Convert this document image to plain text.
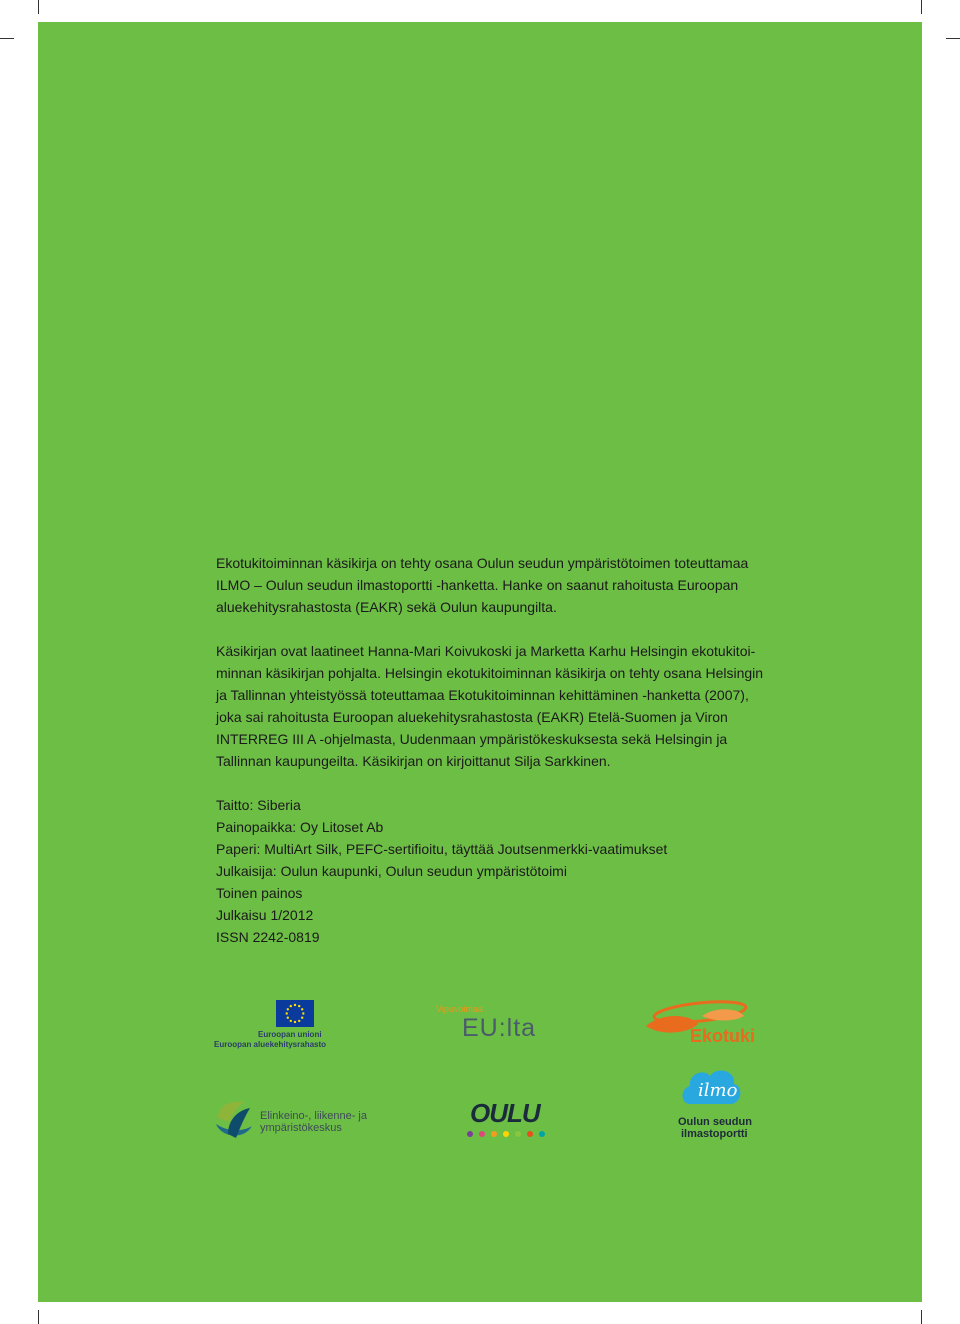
Ekotukitoiminnan käsikirja on tehty osana Oulun seudun ympäristötoimen toteuttamaa
ILMO – Oulun seudun ilmastoportti -hanketta. Hanke on saanut rahoitusta Euroopan
aluekehitysrahastosta (EAKR) sekä Oulun kaupungilta.

Käsikirjan ovat laatineet Hanna-Mari Koivukoski ja Marketta Karhu Helsingin ekotukitoi-
minnan käsikirjan pohjalta. Helsingin ekotukitoiminnan käsikirja on tehty osana Helsingin
ja Tallinnan yhteistyössä toteuttamaa Ekotukitoiminnan kehittäminen -hanketta (2007),
joka sai rahoitusta Euroopan aluekehitysrahastosta (EAKR) Etelä-Suomen ja Viron
INTERREG III A -ohjelmasta, Uudenmaan ympäristökeskuksesta sekä Helsingin ja
Tallinnan kaupungeilta. Käsikirjan on kirjoittanut Silja Sarkkinen.

Taitto: Siberia
Painopaikka: Oy Litoset Ab
Paperi: MultiArt Silk, PEFC-sertifioitu, täyttää Joutsenmerkki-vaatimukset
Julkaisija: Oulun kaupunki, Oulun seudun ympäristötoimi
Toinen painos
Julkaisu 1/2012
ISSN 2242-0819
Euroopan unioni
Euroopan aluekehitysrahasto
Vipuvoimaa
EU:lta	Ekotuki
Elinkeino-, liikenne- ja
ympäristökeskus	OULU
ilmo
Oulun seudun
ilmastoportti
